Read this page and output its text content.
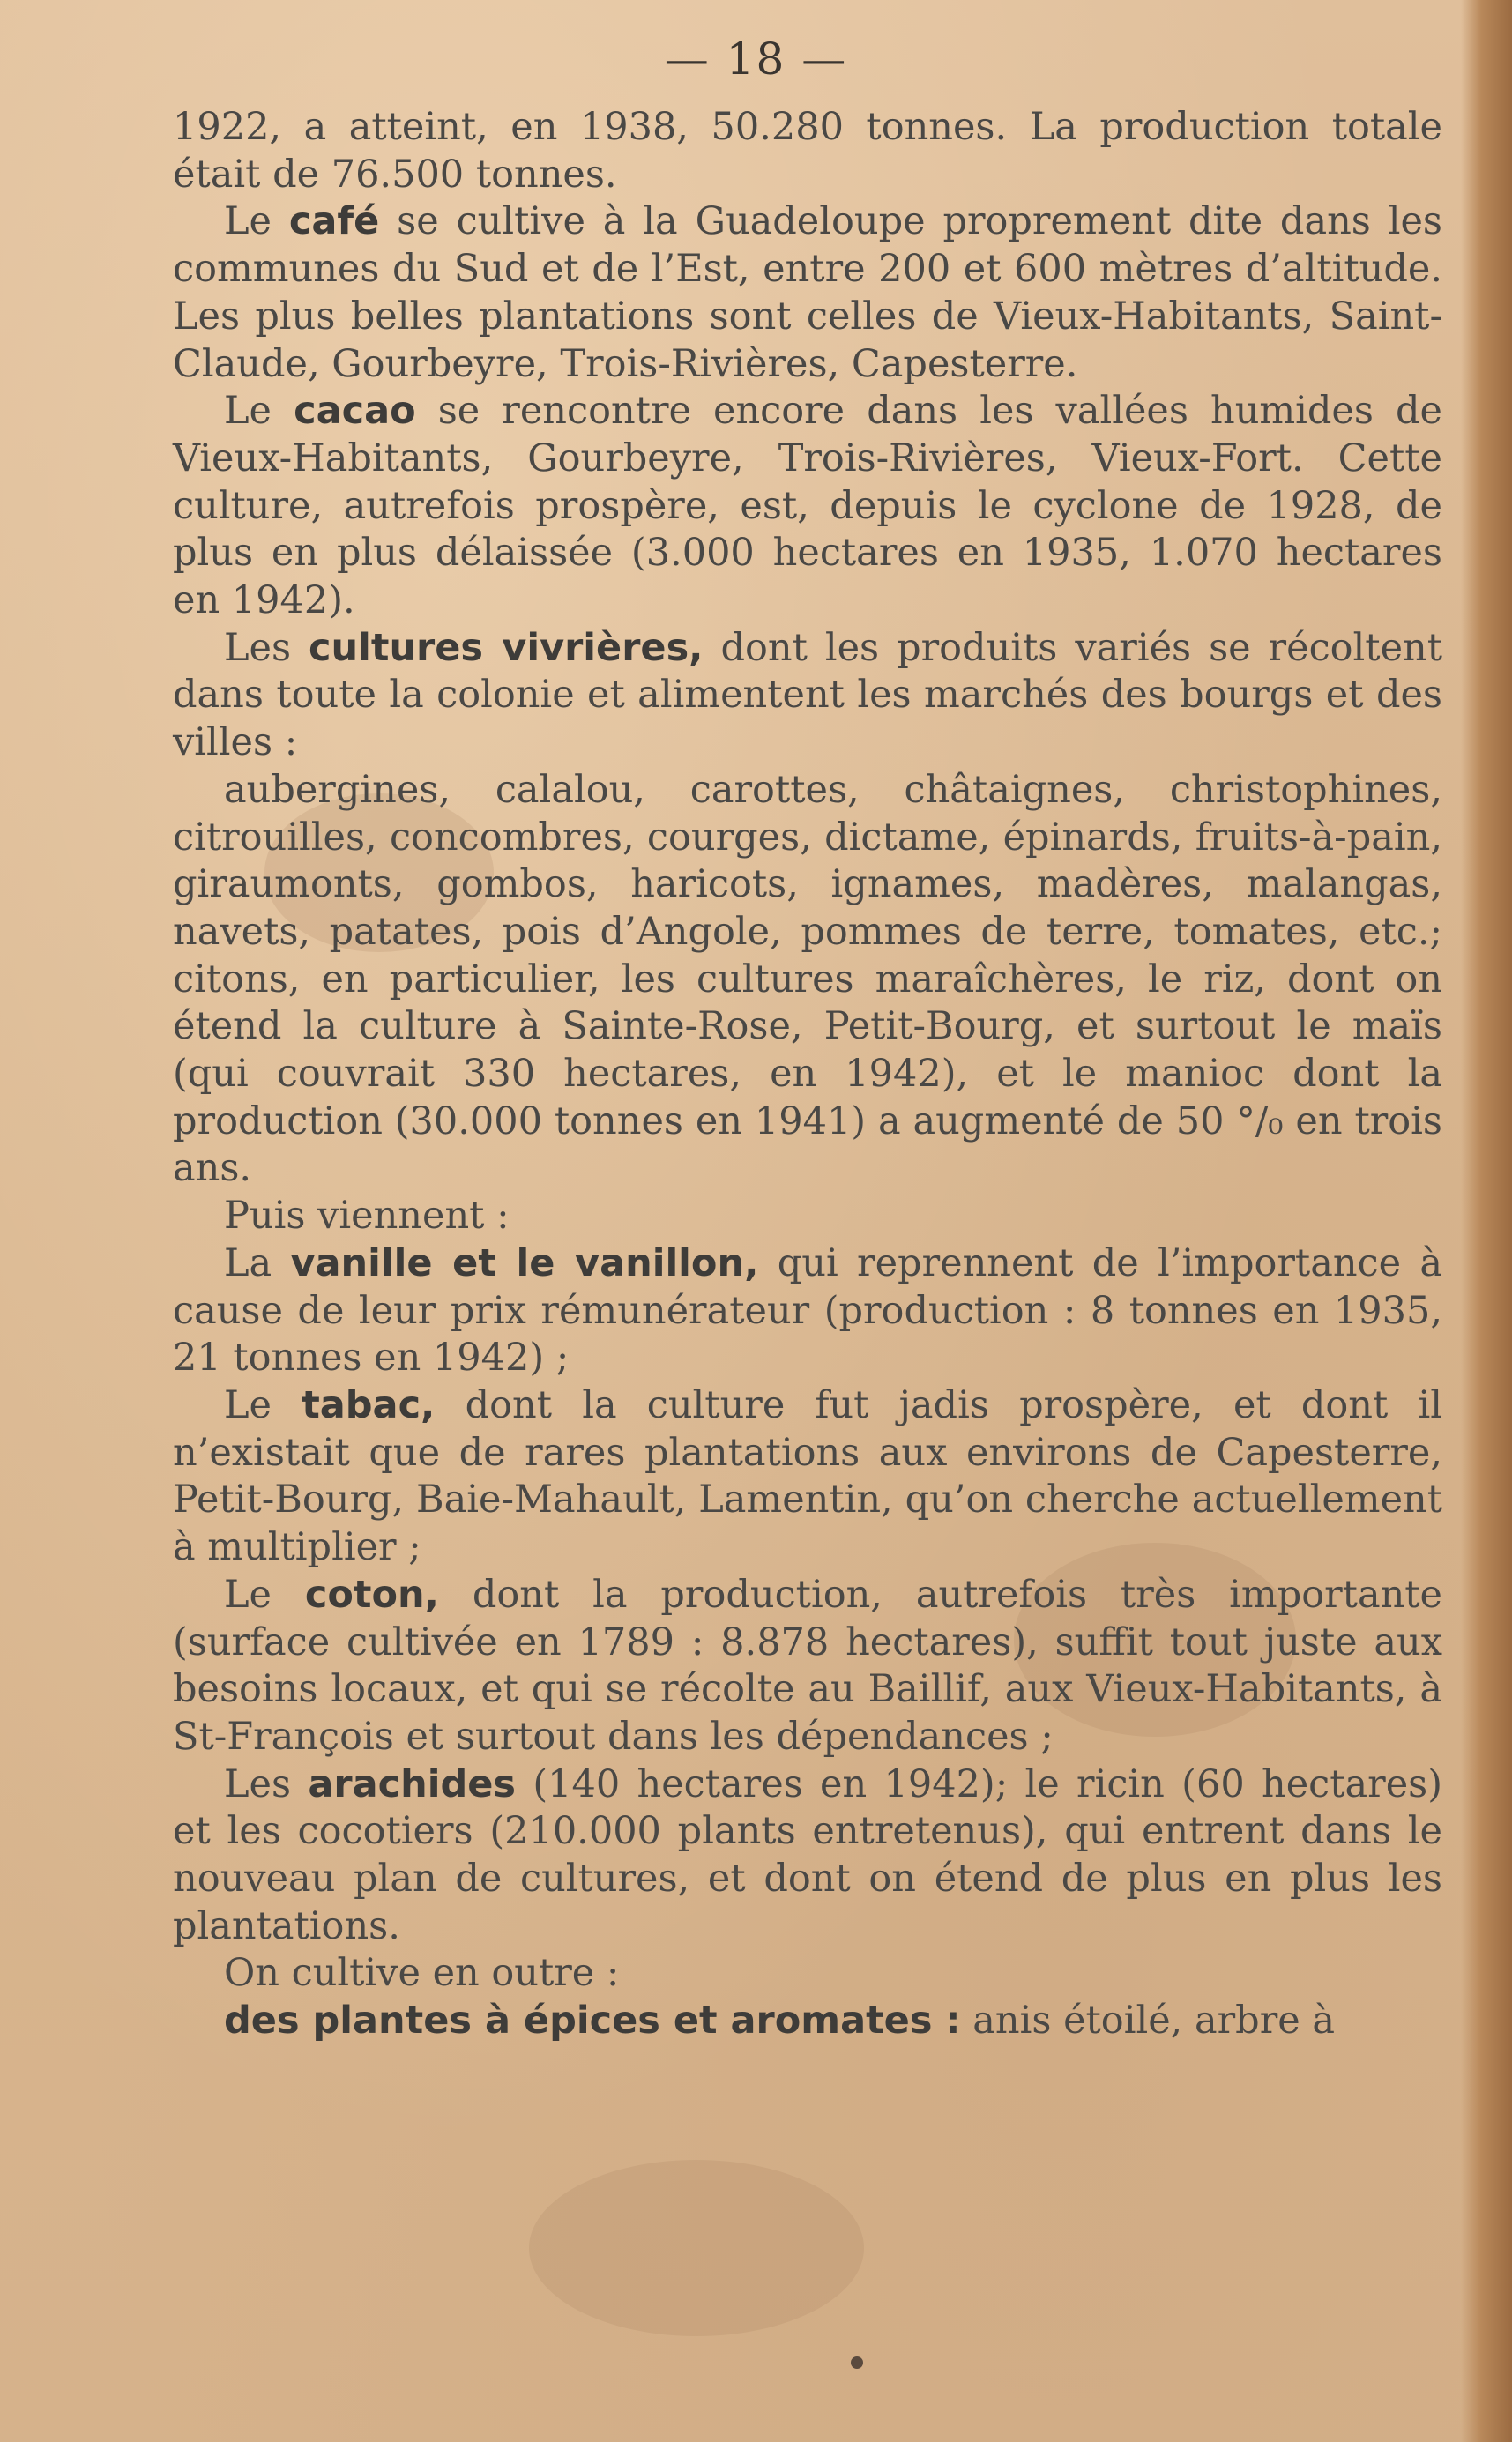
— 18 —

1922, a atteint, en 1938, 50.280 tonnes. La production totale était de 76.500 tonnes.

Le café se cultive à la Guadeloupe proprement dite dans les communes du Sud et de l’Est, entre 200 et 600 mètres d’altitude. Les plus belles plantations sont celles de Vieux-Habitants, Saint-Claude, Gourbeyre, Trois-Rivières, Capesterre.

Le cacao se rencontre encore dans les vallées humides de Vieux-Habitants, Gourbeyre, Trois-Rivières, Vieux-Fort. Cette culture, autrefois prospère, est, depuis le cyclone de 1928, de plus en plus délaissée (3.000 hectares en 1935, 1.070 hectares en 1942).

Les cultures vivrières, dont les produits variés se récoltent dans toute la colonie et alimentent les marchés des bourgs et des villes :

aubergines, calalou, carottes, châtaignes, christophines, citrouilles, concombres, courges, dictame, épinards, fruits-à-pain, giraumonts, gombos, haricots, ignames, madères, malangas, navets, patates, pois d’Angole, pommes de terre, tomates, etc.; citons, en particulier, les cultures maraîchères, le riz, dont on étend la culture à Sainte-Rose, Petit-Bourg, et surtout le maïs (qui couvrait 330 hectares, en 1942), et le manioc dont la production (30.000 tonnes en 1941) a augmenté de 50 °/₀ en trois ans.

Puis viennent :

La vanille et le vanillon, qui reprennent de l’importance à cause de leur prix rémunérateur (production : 8 tonnes en 1935, 21 tonnes en 1942) ;

Le tabac, dont la culture fut jadis prospère, et dont il n’existait que de rares plantations aux environs de Capesterre, Petit-Bourg, Baie-Mahault, Lamentin, qu’on cherche actuellement à multiplier ;

Le coton, dont la production, autrefois très importante (surface cultivée en 1789 : 8.878 hectares), suffit tout juste aux besoins locaux, et qui se récolte au Baillif, aux Vieux-Habitants, à St-François et surtout dans les dépendances ;

Les arachides (140 hectares en 1942); le ricin (60 hectares) et les cocotiers (210.000 plants entretenus), qui entrent dans le nouveau plan de cultures, et dont on étend de plus en plus les plantations.

On cultive en outre :

des plantes à épices et aromates : anis étoilé, arbre à
